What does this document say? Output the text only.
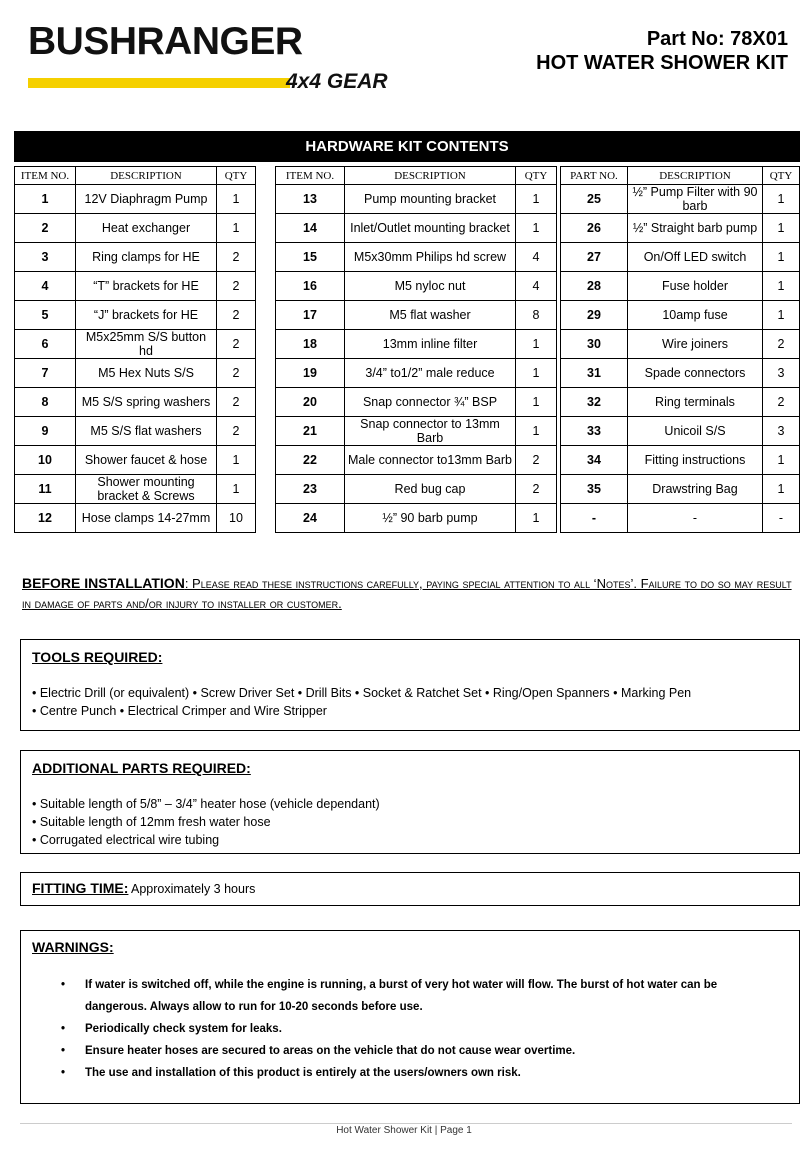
BUSHRANGER
4x4 GEAR
Part No: 78X01
HOT WATER SHOWER KIT
HARDWARE KIT CONTENTS
ITEM NO.	DESCRIPTION	QTY
1	12V Diaphragm Pump	1
2	Heat exchanger	1
3	Ring clamps for HE	2
4	“T” brackets for HE	2
5	“J” brackets for HE	2
6	M5x25mm S/S button hd	2
7	M5 Hex Nuts S/S	2
8	M5 S/S spring washers	2
9	M5 S/S flat washers	2
10	Shower faucet & hose	1
11	Shower mounting bracket & Screws	1
12	Hose clamps 14-27mm	10
ITEM NO.	DESCRIPTION	QTY
13	Pump mounting bracket	1
14	Inlet/Outlet mounting bracket	1
15	M5x30mm Philips hd screw	4
16	M5 nyloc nut	4
17	M5 flat washer	8
18	13mm inline filter	1
19	3/4” to1/2” male reduce	1
20	Snap connector ¾” BSP	1
21	Snap connector to 13mm Barb	1
22	Male connector to13mm Barb	2
23	Red bug cap	2
24	½” 90 barb pump	1
PART NO.	DESCRIPTION	QTY
25	½” Pump Filter with 90 barb	1
26	½” Straight barb pump	1
27	On/Off LED switch	1
28	Fuse holder	1
29	10amp fuse	1
30	Wire joiners	2
31	Spade connectors	3
32	Ring terminals	2
33	Unicoil S/S	3
34	Fitting instructions	1
35	Drawstring Bag	1
-	-	-
BEFORE INSTALLATION: Please read these instructions carefully, paying special attention to all ‘Notes’. Failure to do so may result in damage of parts and/or injury to installer or customer.
TOOLS REQUIRED:
• Electric Drill (or equivalent) • Screw Driver Set • Drill Bits • Socket & Ratchet Set • Ring/Open Spanners • Marking Pen
• Centre Punch • Electrical Crimper and Wire Stripper
ADDITIONAL PARTS REQUIRED:
• Suitable length of 5/8” – 3/4” heater hose (vehicle dependant)
• Suitable length of 12mm fresh water hose
• Corrugated electrical wire tubing
FITTING TIME: Approximately 3 hours
WARNINGS:
• If water is switched off, while the engine is running, a burst of very hot water will flow. The burst of hot water can be
dangerous. Always allow to run for 10-20 seconds before use.
• Periodically check system for leaks.
• Ensure heater hoses are secured to areas on the vehicle that do not cause wear overtime.
• The use and installation of this product is entirely at the users/owners own risk.
Hot Water Shower Kit | Page 1
